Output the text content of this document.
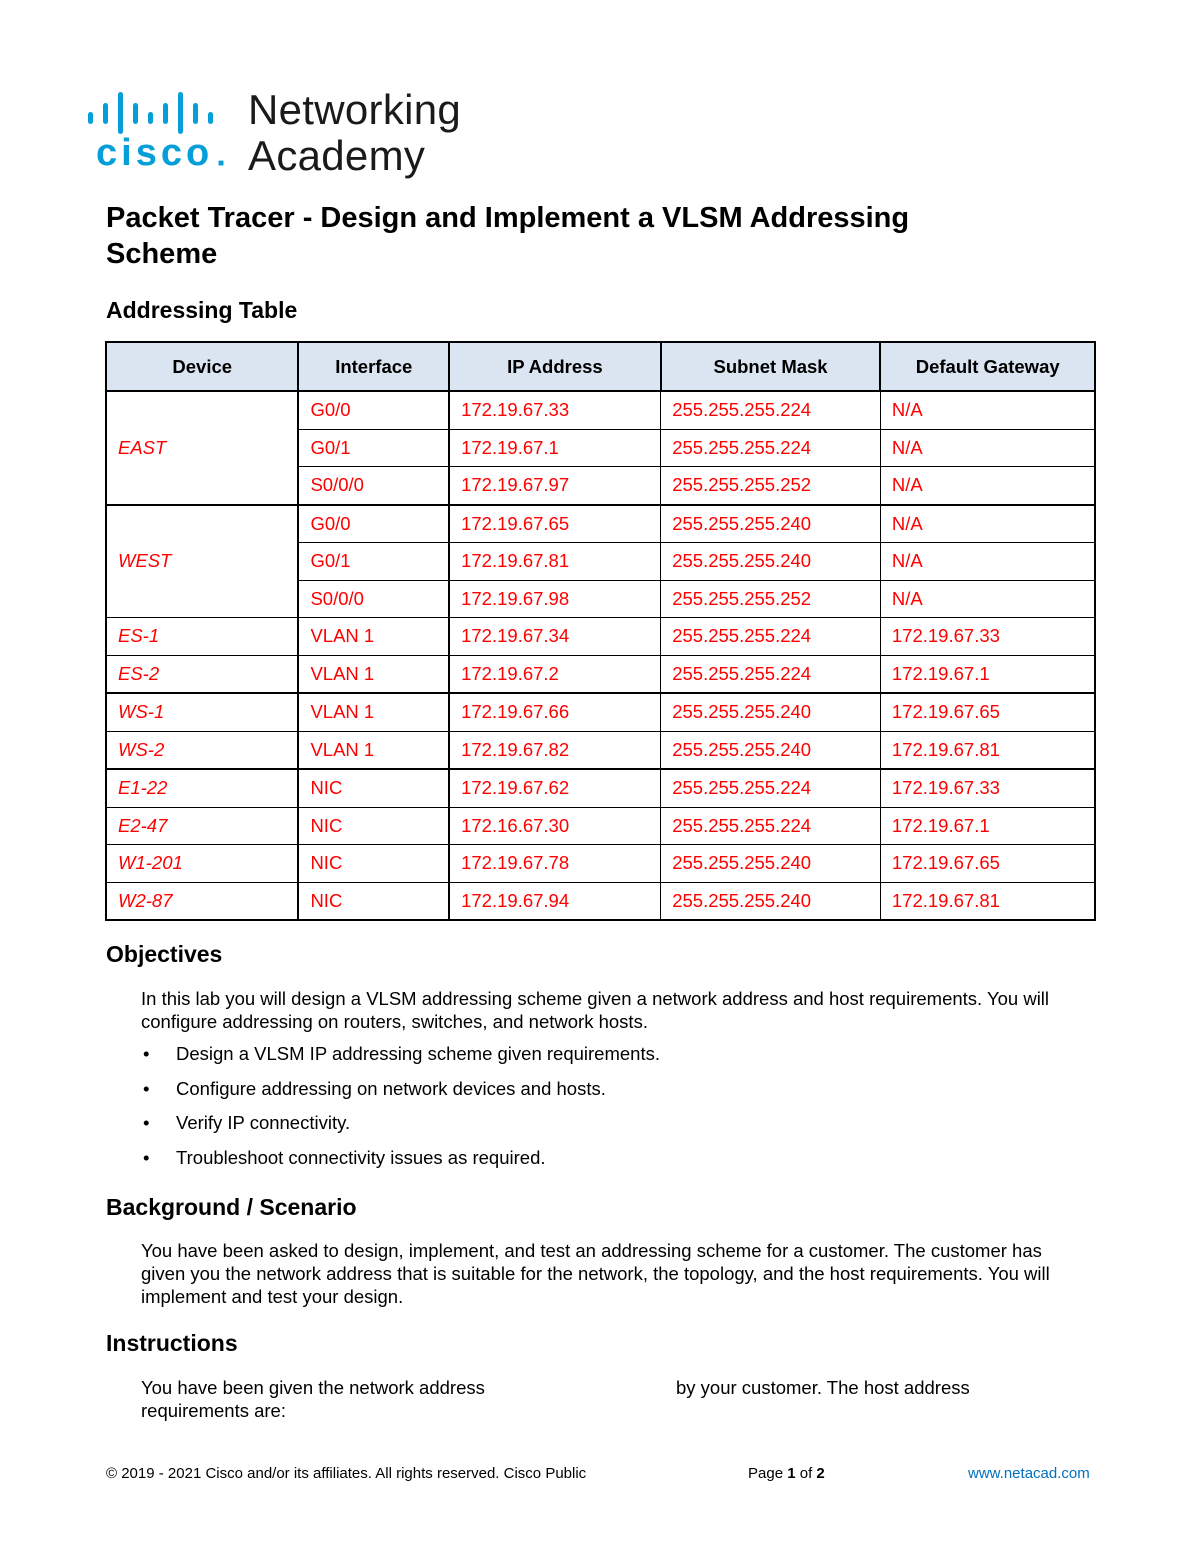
cisco ■
Networking
Academy
Packet Tracer - Design and Implement a VLSM Addressing Scheme
Addressing Table
Device	Interface	IP Address	Subnet Mask	Default Gateway
EAST	G0/0	172.19.67.33	255.255.255.224	N/A
	G0/1	172.19.67.1	255.255.255.224	N/A
	S0/0/0	172.19.67.97	255.255.255.252	N/A
WEST	G0/0	172.19.67.65	255.255.255.240	N/A
	G0/1	172.19.67.81	255.255.255.240	N/A
	S0/0/0	172.19.67.98	255.255.255.252	N/A
ES-1	VLAN 1	172.19.67.34	255.255.255.224	172.19.67.33
ES-2	VLAN 1	172.19.67.2	255.255.255.224	172.19.67.1
WS-1	VLAN 1	172.19.67.66	255.255.255.240	172.19.67.65
WS-2	VLAN 1	172.19.67.82	255.255.255.240	172.19.67.81
E1-22	NIC	172.19.67.62	255.255.255.224	172.19.67.33
E2-47	NIC	172.16.67.30	255.255.255.224	172.19.67.1
W1-201	NIC	172.19.67.78	255.255.255.240	172.19.67.65
W2-87	NIC	172.19.67.94	255.255.255.240	172.19.67.81
Objectives

In this lab you will design a VLSM addressing scheme given a network address and host requirements. You will configure addressing on routers, switches, and network hosts.

• Design a VLSM IP addressing scheme given requirements.
• Configure addressing on network devices and hosts.
• Verify IP connectivity.
• Troubleshoot connectivity issues as required.
Background / Scenario

You have been asked to design, implement, and test an addressing scheme for a customer. The customer has given you the network address that is suitable for the network, the topology, and the host requirements. You will implement and test your design.

Instructions

You have been given the network address	by your customer. The host address

requirements are:

© 2019 - 2021 Cisco and/or its affiliates. All rights reserved. Cisco Public	Page 1 of 2	www.netacad.com
